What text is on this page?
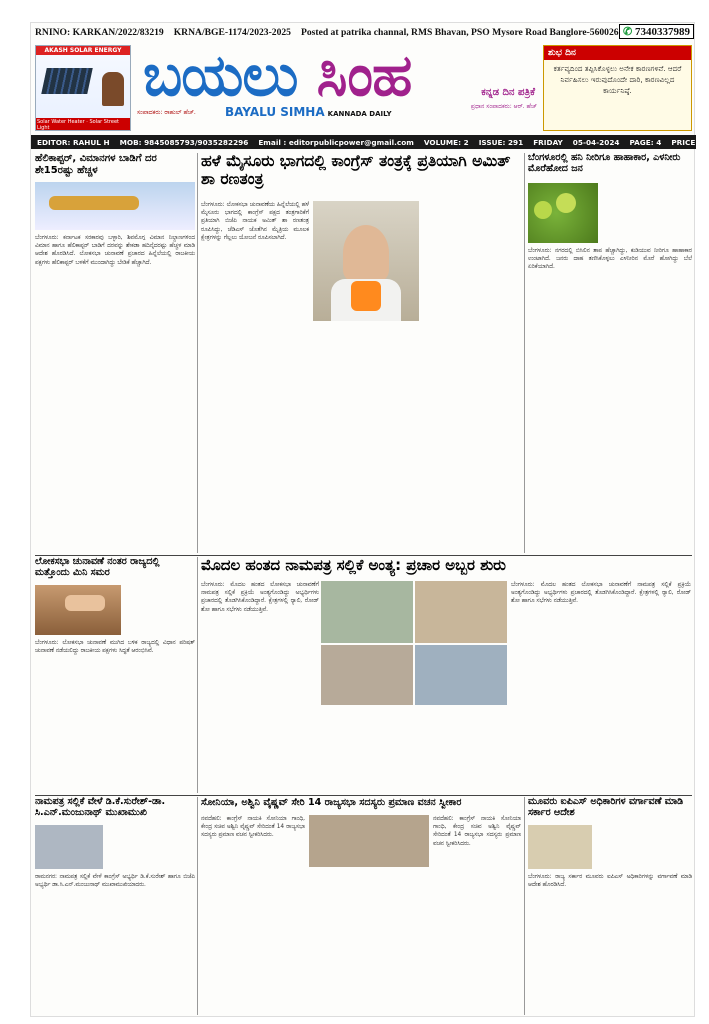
RNINO: KARKAN/2022/83219 KRNA/BGE-1174/2023-2025 Posted at patrika channal, RMS Bhavan, PSO Mysore Road Banglore-560026 ✆ 7340337989
AKASH SOLAR ENERGY
Solar Water Heater · Solar Street Light
ಬಯಲು ಸಿಂಹ
ಸಂಪಾದಕರು: ರಾಹುಲ್ ಹೆಚ್. BAYALU SIMHA KANNADA DAILY
ಕನ್ನಡ ದಿನ ಪತ್ರಿಕೆ
ಪ್ರಧಾನ ಸಂಪಾದಕರು: ಆರ್. ಹೆಚ್
ಶುಭ ದಿನ
ಕರ್ತವ್ಯದಿಂದ ತಪ್ಪಿಸಿಕೊಳ್ಳಲು ಅನೇಕ ಕಾರಣಗಳಿವೆ. ಆದರೆ ನಿರ್ವಹಿಸಲು ಇರುವುದೊಂದೇ ದಾರಿ, ಕಾರಣವಿಲ್ಲದ ಕಾರ್ಯನಿಷ್ಠೆ.
EDITOR: RAHUL H MOB: 9845085793/9035282296 Email : editorpublicpower@gmail.com VOLUME: 2 ISSUE: 291 FRIDAY 05-04-2024 PAGE: 4 PRICE:3/-
ಹೆಲಿಕಾಪ್ಟರ್, ವಿಮಾನಗಳ ಬಾಡಿಗೆ ದರ ಶೇ15ರಷ್ಟು ಹೆಚ್ಚಳ
ಬೆಂಗಳೂರು: ಕರ್ನಾಟಕ ಸರಕಾರವು ಬಳ್ಳಾರಿ, ಶಿವಮೊಗ್ಗ ವಿಮಾನ ನಿಲ್ದಾಣಗಳಿಂದ ವಿಮಾನ ಹಾಗೂ ಹೆಲಿಕಾಪ್ಟರ್ ಬಾಡಿಗೆ ದರವನ್ನು ಶೇಕಡಾ ಹದಿನೈದರಷ್ಟು ಹೆಚ್ಚಳ ಮಾಡಿ ಆದೇಶ ಹೊರಡಿಸಿದೆ. ಲೋಕಸಭಾ ಚುನಾವಣೆ ಪ್ರಚಾರದ ಹಿನ್ನೆಲೆಯಲ್ಲಿ ರಾಜಕೀಯ ಪಕ್ಷಗಳು ಹೆಲಿಕಾಪ್ಟರ್ ಬಳಕೆಗೆ ಮುಂದಾಗಿದ್ದು ಬೇಡಿಕೆ ಹೆಚ್ಚಾಗಿದೆ.
ಹಳೆ ಮೈಸೂರು ಭಾಗದಲ್ಲಿ ಕಾಂಗ್ರೆಸ್ ತಂತ್ರಕ್ಕೆ ಪ್ರತಿಯಾಗಿ ಅಮಿತ್ ಶಾ ರಣತಂತ್ರ
ಬೆಂಗಳೂರು: ಲೋಕಸಭಾ ಚುನಾವಣೆಯ ಹಿನ್ನೆಲೆಯಲ್ಲಿ ಹಳೆ ಮೈಸೂರು ಭಾಗದಲ್ಲಿ ಕಾಂಗ್ರೆಸ್ ಪಕ್ಷದ ತಂತ್ರಗಾರಿಕೆಗೆ ಪ್ರತಿಯಾಗಿ ಬಿಜೆಪಿ ನಾಯಕ ಅಮಿತ್ ಶಾ ರಣತಂತ್ರ ರೂಪಿಸಿದ್ದು, ಜೆಡಿಎಸ್ ಜೊತೆಗಿನ ಮೈತ್ರಿಯ ಮೂಲಕ ಕ್ಷೇತ್ರಗಳನ್ನು ಗೆಲ್ಲಲು ಯೋಜನೆ ರೂಪಿಸಲಾಗಿದೆ.
ಬೆಂಗಳೂರಲ್ಲಿ ಹನಿ ನೀರಿಗೂ ಹಾಹಾಕಾರ, ಎಳನೀರು ಮೊರೆಹೋದ ಜನ
ಬೆಂಗಳೂರು: ನಗರದಲ್ಲಿ ಬಿಸಿಲಿನ ತಾಪ ಹೆಚ್ಚಾಗಿದ್ದು, ಕುಡಿಯುವ ನೀರಿಗೂ ಹಾಹಾಕಾರ ಉಂಟಾಗಿದೆ. ಜನರು ದಾಹ ತಣಿಸಿಕೊಳ್ಳಲು ಎಳನೀರಿನ ಮೊರೆ ಹೋಗಿದ್ದು ಬೆಲೆ ಏರಿಕೆಯಾಗಿದೆ.
ಲೋಕಸಭಾ ಚುನಾವಣೆ ನಂತರ ರಾಜ್ಯದಲ್ಲಿ ಮತ್ತೊಂದು ಮಿನಿ ಸಮರ
ಬೆಂಗಳೂರು: ಲೋಕಸಭಾ ಚುನಾವಣೆ ಮುಗಿದ ಬಳಿಕ ರಾಜ್ಯದಲ್ಲಿ ವಿಧಾನ ಪರಿಷತ್ ಚುನಾವಣೆ ನಡೆಯಲಿದ್ದು ರಾಜಕೀಯ ಪಕ್ಷಗಳು ಸಿದ್ಧತೆ ಆರಂಭಿಸಿವೆ.
ಮೊದಲ ಹಂತದ ನಾಮಪತ್ರ ಸಲ್ಲಿಕೆ ಅಂತ್ಯ: ಪ್ರಚಾರ ಅಬ್ಬರ ಶುರು
ಬೆಂಗಳೂರು: ಮೊದಲ ಹಂತದ ಲೋಕಸಭಾ ಚುನಾವಣೆಗೆ ನಾಮಪತ್ರ ಸಲ್ಲಿಕೆ ಪ್ರಕ್ರಿಯೆ ಅಂತ್ಯಗೊಂಡಿದ್ದು ಅಭ್ಯರ್ಥಿಗಳು ಪ್ರಚಾರದಲ್ಲಿ ತೊಡಗಿಸಿಕೊಂಡಿದ್ದಾರೆ. ಕ್ಷೇತ್ರಗಳಲ್ಲಿ ರ್‍ಯಾಲಿ, ರೋಡ್ ಶೋ ಹಾಗೂ ಸಭೆಗಳು ನಡೆಯುತ್ತಿವೆ.
ಬೆಂಗಳೂರು: ಮೊದಲ ಹಂತದ ಲೋಕಸಭಾ ಚುನಾವಣೆಗೆ ನಾಮಪತ್ರ ಸಲ್ಲಿಕೆ ಪ್ರಕ್ರಿಯೆ ಅಂತ್ಯಗೊಂಡಿದ್ದು ಅಭ್ಯರ್ಥಿಗಳು ಪ್ರಚಾರದಲ್ಲಿ ತೊಡಗಿಸಿಕೊಂಡಿದ್ದಾರೆ. ಕ್ಷೇತ್ರಗಳಲ್ಲಿ ರ್‍ಯಾಲಿ, ರೋಡ್ ಶೋ ಹಾಗೂ ಸಭೆಗಳು ನಡೆಯುತ್ತಿವೆ.
ನಾಮಪತ್ರ ಸಲ್ಲಿಕೆ ವೇಳೆ ಡಿ.ಕೆ.ಸುರೇಶ್-ಡಾ. ಸಿ.ಎನ್.ಮಂಜುನಾಥ್ ಮುಖಾಮುಖಿ
ರಾಮನಗರ: ನಾಮಪತ್ರ ಸಲ್ಲಿಕೆ ವೇಳೆ ಕಾಂಗ್ರೆಸ್ ಅಭ್ಯರ್ಥಿ ಡಿ.ಕೆ.ಸುರೇಶ್ ಹಾಗೂ ಬಿಜೆಪಿ ಅಭ್ಯರ್ಥಿ ಡಾ.ಸಿ.ಎನ್.ಮಂಜುನಾಥ್ ಮುಖಾಮುಖಿಯಾದರು.
ಸೋನಿಯಾ, ಅಶ್ವಿನಿ ವೈಷ್ಣವ್ ಸೇರಿ 14 ರಾಜ್ಯಸಭಾ ಸದಸ್ಯರು ಪ್ರಮಾಣ ವಚನ ಸ್ವೀಕಾರ
ನವದೆಹಲಿ: ಕಾಂಗ್ರೆಸ್ ನಾಯಕಿ ಸೋನಿಯಾ ಗಾಂಧಿ, ಕೇಂದ್ರ ಸಚಿವ ಅಶ್ವಿನಿ ವೈಷ್ಣವ್ ಸೇರಿದಂತೆ 14 ರಾಜ್ಯಸಭಾ ಸದಸ್ಯರು ಪ್ರಮಾಣ ವಚನ ಸ್ವೀಕರಿಸಿದರು.
ನವದೆಹಲಿ: ಕಾಂಗ್ರೆಸ್ ನಾಯಕಿ ಸೋನಿಯಾ ಗಾಂಧಿ, ಕೇಂದ್ರ ಸಚಿವ ಅಶ್ವಿನಿ ವೈಷ್ಣವ್ ಸೇರಿದಂತೆ 14 ರಾಜ್ಯಸಭಾ ಸದಸ್ಯರು ಪ್ರಮಾಣ ವಚನ ಸ್ವೀಕರಿಸಿದರು.
ಮೂವರು ಐಪಿಎಸ್ ಅಧಿಕಾರಿಗಳ ವರ್ಗಾವಣೆ ಮಾಡಿ ಸರ್ಕಾರ ಆದೇಶ
ಬೆಂಗಳೂರು: ರಾಜ್ಯ ಸರ್ಕಾರ ಮೂವರು ಐಪಿಎಸ್ ಅಧಿಕಾರಿಗಳನ್ನು ವರ್ಗಾವಣೆ ಮಾಡಿ ಆದೇಶ ಹೊರಡಿಸಿದೆ.
